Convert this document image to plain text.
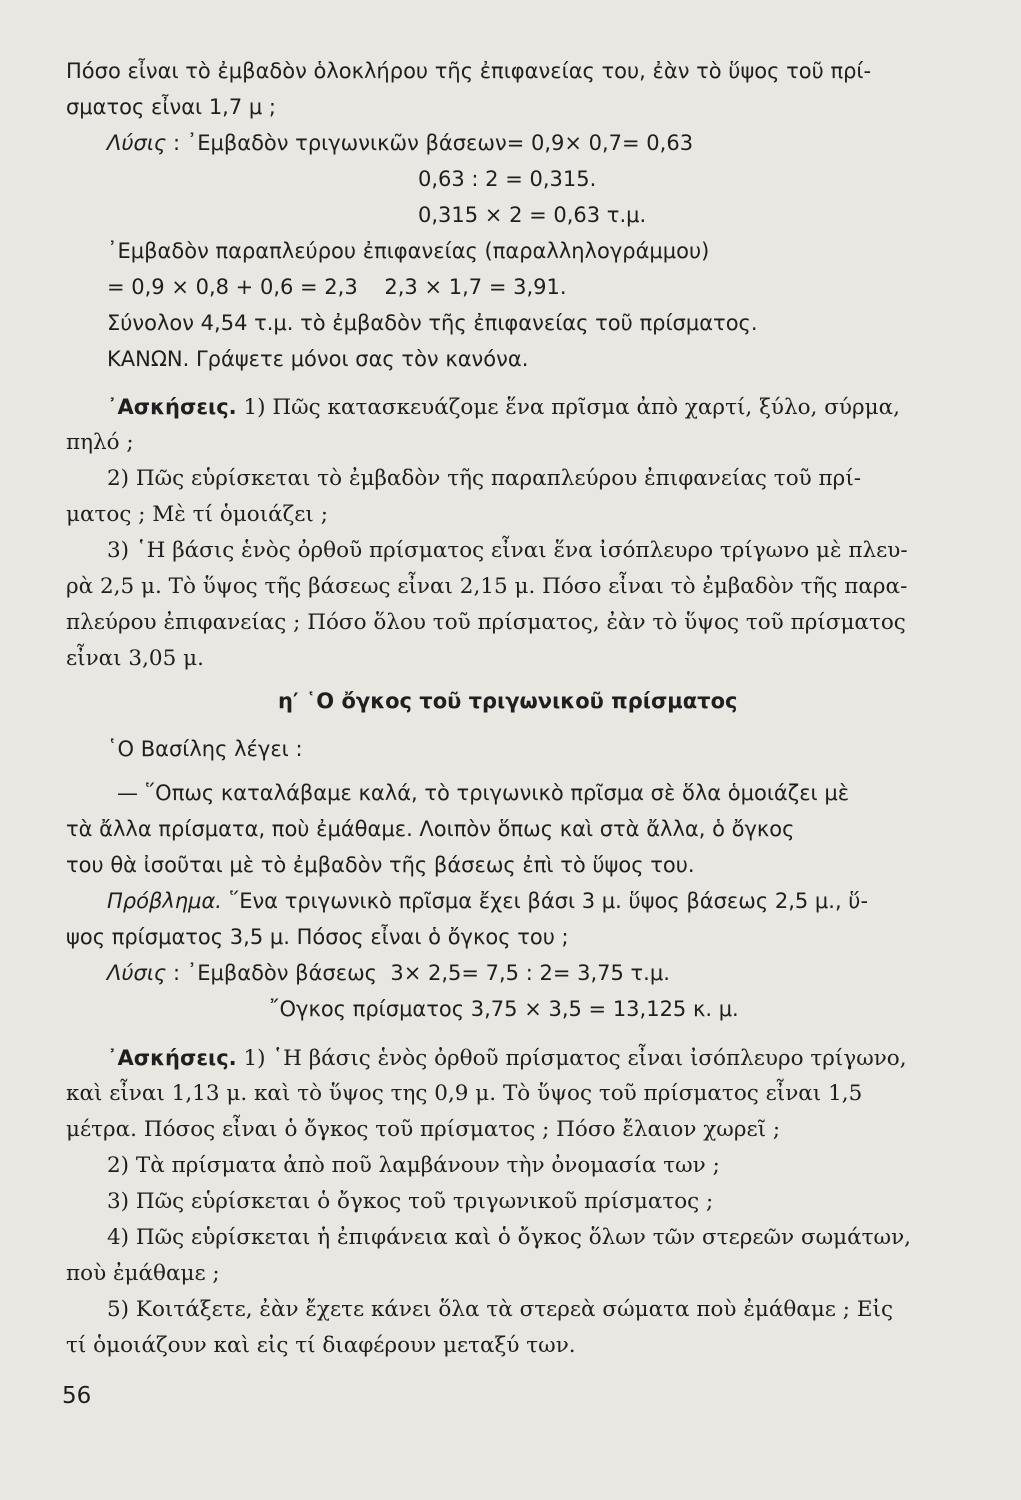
Πόσο εἶναι τὸ ἐμβαδὸν ὁλοκλήρου τῆς ἐπιφανείας του, ἐὰν τὸ ὕψος τοῦ πρί-
σματος εἶναι 1,7 μ ;
Λύσις : ᾿Εμβαδὸν τριγωνικῶν βάσεων= 0,9× 0,7= 0,63
0,63 : 2 = 0,315.
0,315 × 2 = 0,63 τ.μ.
᾿Εμβαδὸν παραπλεύρου ἐπιφανείας (παραλληλογράμμου)
= 0,9 × 0,8 + 0,6 = 2,3    2,3 × 1,7 = 3,91.
Σύνολον 4,54 τ.μ. τὸ ἐμβαδὸν τῆς ἐπιφανείας τοῦ πρίσματος.
ΚΑΝΩΝ. Γράψετε μόνοι σας τὸν κανόνα.
᾿Ασκήσεις. 1) Πῶς κατασκευάζομε ἕνα πρῖσμα ἀπὸ χαρτί, ξύλο, σύρμα,
πηλό ;
2) Πῶς εὑρίσκεται τὸ ἐμβαδὸν τῆς παραπλεύρου ἐπιφανείας τοῦ πρί-
ματος ; Μὲ τί ὁμοιάζει ;
3) ῾Η βάσις ἑνὸς ὀρθοῦ πρίσματος εἶναι ἕνα ἰσόπλευρο τρίγωνο μὲ πλευ-
ρὰ 2,5 μ. Τὸ ὕψος τῆς βάσεως εἶναι 2,15 μ. Πόσο εἶναι τὸ ἐμβαδὸν τῆς παρα-
πλεύρου ἐπιφανείας ; Πόσο ὅλου τοῦ πρίσματος, ἐὰν τὸ ὕψος τοῦ πρίσματος
εἶναι 3,05 μ.
η′ ῾Ο ὄγκος τοῦ τριγωνικοῦ πρίσματος
῾Ο Βασίλης λέγει :
— ῞Οπως καταλάβαμε καλά, τὸ τριγωνικὸ πρῖσμα σὲ ὅλα ὁμοιάζει μὲ
τὰ ἄλλα πρίσματα, ποὺ ἐμάθαμε. Λοιπὸν ὅπως καὶ στὰ ἄλλα, ὁ ὄγκος
του θὰ ἰσοῦται μὲ τὸ ἐμβαδὸν τῆς βάσεως ἐπὶ τὸ ὕψος του.
Πρόβλημα. ῞Ενα τριγωνικὸ πρῖσμα ἔχει βάσι 3 μ. ὕψος βάσεως 2,5 μ., ὕ-
ψος πρίσματος 3,5 μ. Πόσος εἶναι ὁ ὄγκος του ;
Λύσις : ᾿Εμβαδὸν βάσεως  3× 2,5= 7,5 : 2= 3,75 τ.μ.
῎Ογκος πρίσματος 3,75 × 3,5 = 13,125 κ. μ.
᾿Ασκήσεις. 1) ῾Η βάσις ἑνὸς ὀρθοῦ πρίσματος εἶναι ἰσόπλευρο τρίγωνο,
καὶ εἶναι 1,13 μ. καὶ τὸ ὕψος της 0,9 μ. Τὸ ὕψος τοῦ πρίσματος εἶναι 1,5
μέτρα. Πόσος εἶναι ὁ ὄγκος τοῦ πρίσματος ; Πόσο ἔλαιον χωρεῖ ;
2) Τὰ πρίσματα ἀπὸ ποῦ λαμβάνουν τὴν ὀνομασία των ;
3) Πῶς εὑρίσκεται ὁ ὄγκος τοῦ τριγωνικοῦ πρίσματος ;
4) Πῶς εὑρίσκεται ἡ ἐπιφάνεια καὶ ὁ ὄγκος ὅλων τῶν στερεῶν σωμάτων,
ποὺ ἐμάθαμε ;
5) Κοιτάξετε, ἐὰν ἔχετε κάνει ὅλα τὰ στερεὰ σώματα ποὺ ἐμάθαμε ; Εἰς
τί ὁμοιάζουν καὶ εἰς τί διαφέρουν μεταξύ των.
56
